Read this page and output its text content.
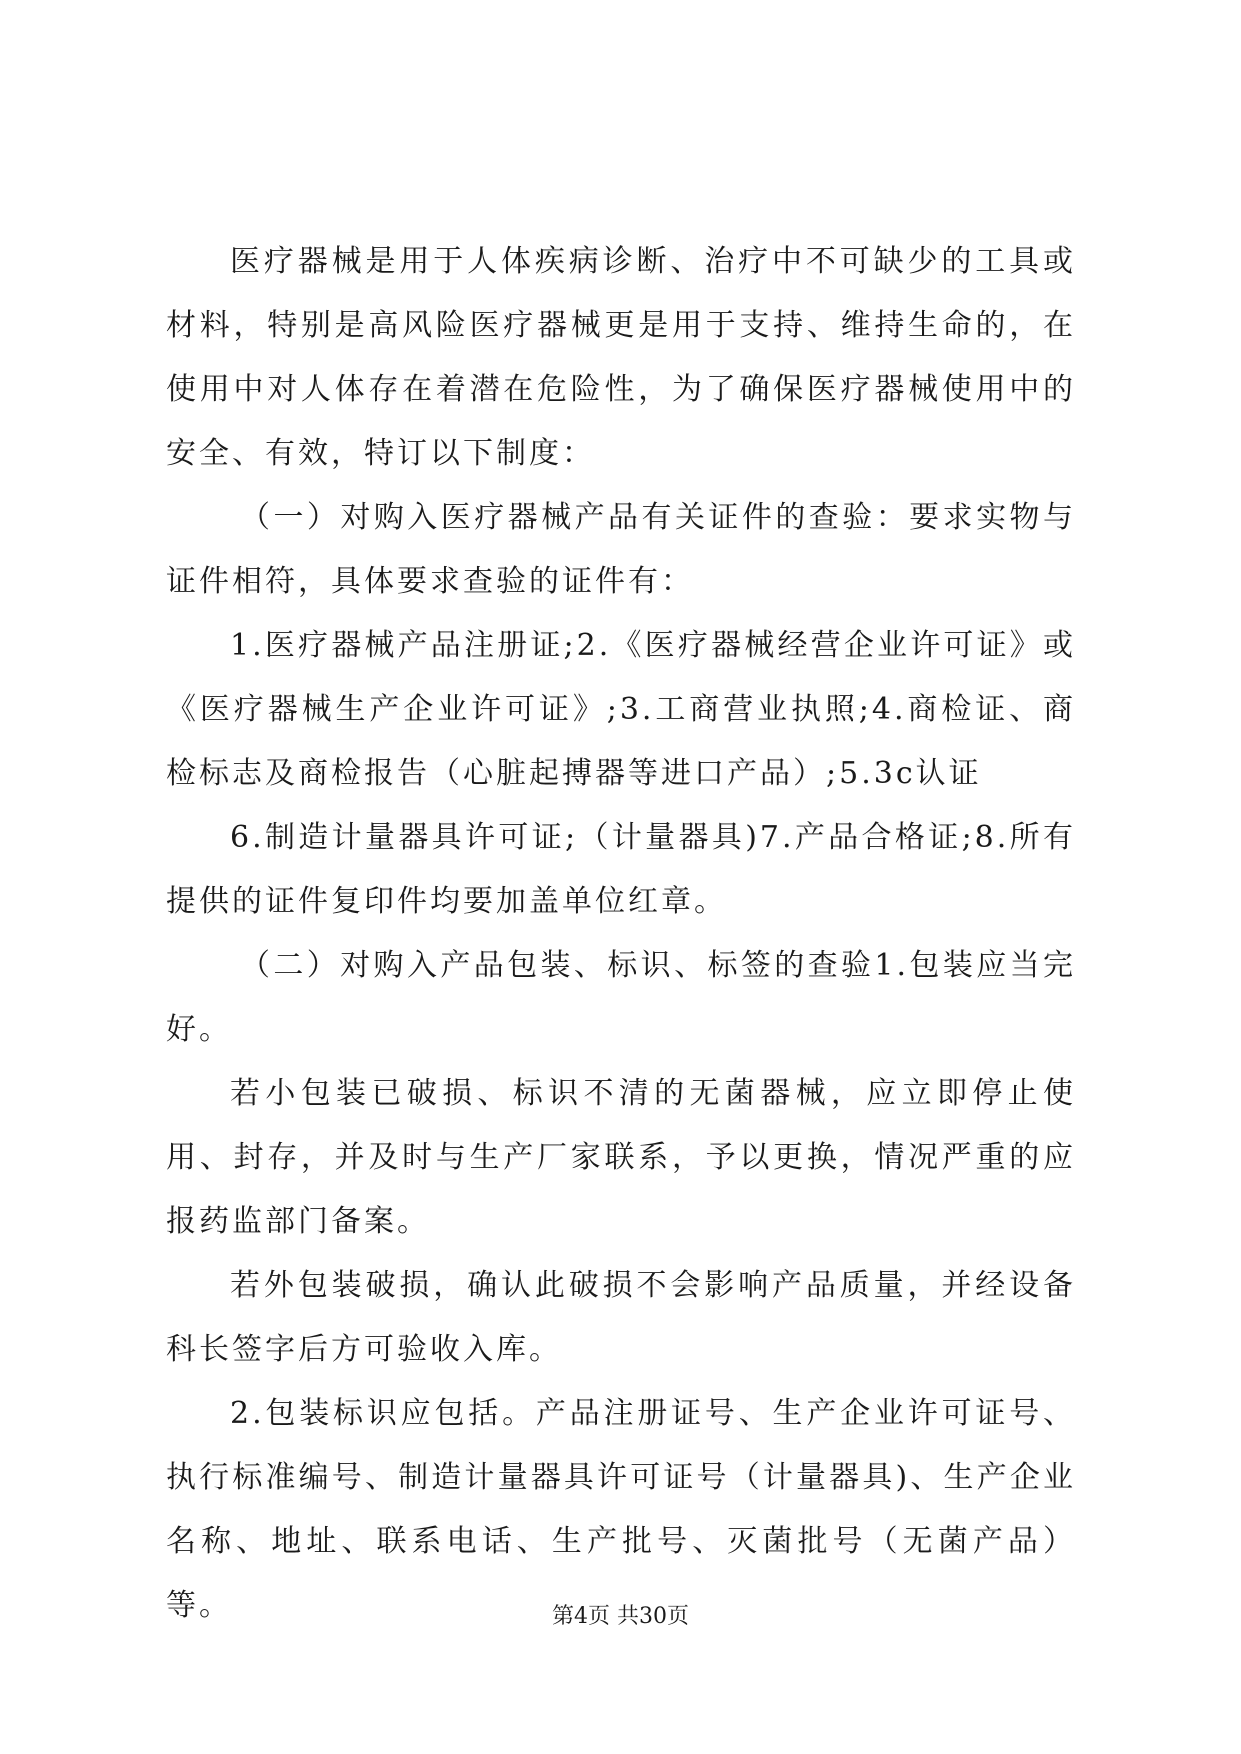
医疗器械是用于人体疾病诊断、治疗中不可缺少的工具或材料，特别是高风险医疗器械更是用于支持、维持生命的，在使用中对人体存在着潜在危险性，为了确保医疗器械使用中的安全、有效，特订以下制度：

（一）对购入医疗器械产品有关证件的查验：要求实物与证件相符，具体要求查验的证件有：

1.医疗器械产品注册证;2.《医疗器械经营企业许可证》或《医疗器械生产企业许可证》;3.工商营业执照;4.商检证、商检标志及商检报告（心脏起搏器等进口产品）;5.3c认证

6.制造计量器具许可证;（计量器具)7.产品合格证;8.所有提供的证件复印件均要加盖单位红章。

（二）对购入产品包装、标识、标签的查验1.包装应当完好。

若小包装已破损、标识不清的无菌器械，应立即停止使用、封存，并及时与生产厂家联系，予以更换，情况严重的应报药监部门备案。

若外包装破损，确认此破损不会影响产品质量，并经设备科长签字后方可验收入库。

2.包装标识应包括。产品注册证号、生产企业许可证号、执行标准编号、制造计量器具许可证号（计量器具)、生产企业名称、地址、联系电话、生产批号、灭菌批号（无菌产品）等。	第4页 共30页
